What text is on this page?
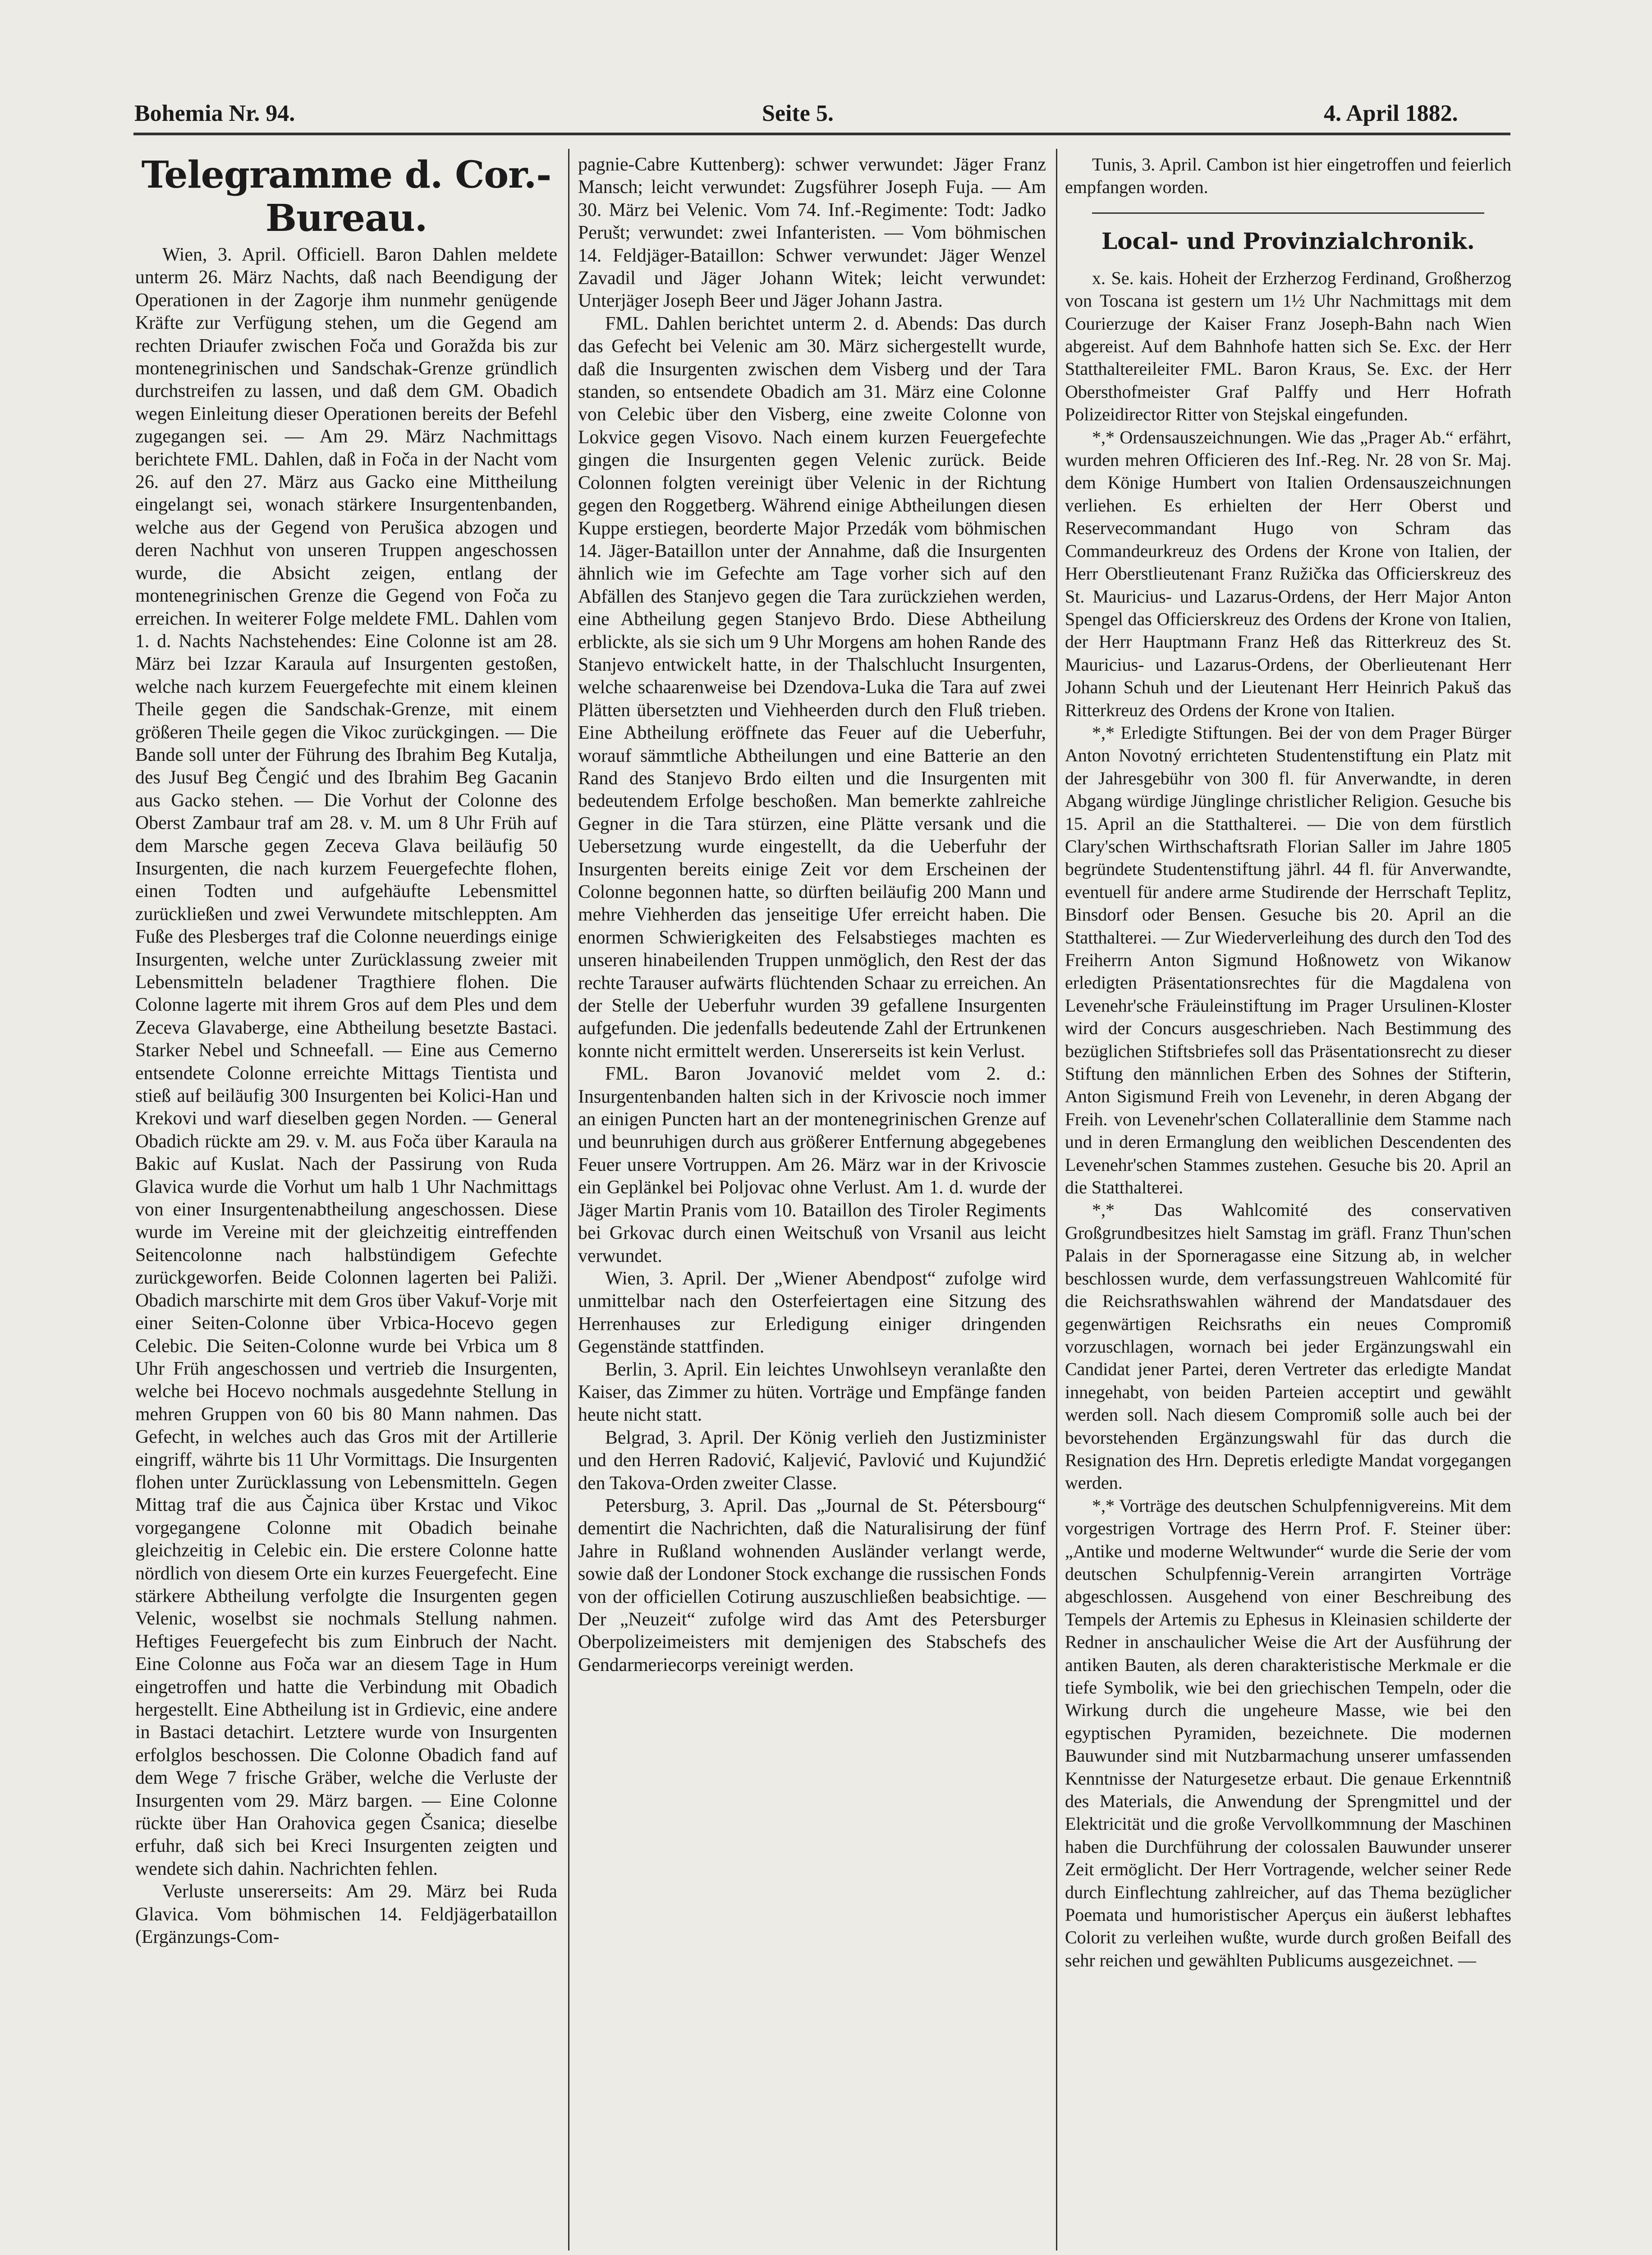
Bohemia Nr. 94.	Seite 5.	4. April 1882.
Telegramme d. Cor.-Bureau.

Wien, 3. April. Officiell. Baron Dahlen meldete unterm 26. März Nachts, daß nach Beendigung der Operationen in der Zagorje ihm nunmehr genügende Kräfte zur Verfügung stehen, um die Gegend am rechten Driaufer zwischen Foča und Goražda bis zur montenegrinischen und Sandschak-Grenze gründlich durchstreifen zu lassen, und daß dem GM. Obadich wegen Einleitung dieser Operationen bereits der Befehl zugegangen sei. — Am 29. März Nachmittags berichtete FML. Dahlen, daß in Foča in der Nacht vom 26. auf den 27. März aus Gacko eine Mittheilung eingelangt sei, wonach stärkere Insurgentenbanden, welche aus der Gegend von Perušica abzogen und deren Nachhut von unseren Truppen angeschossen wurde, die Absicht zeigen, entlang der montenegrinischen Grenze die Gegend von Foča zu erreichen. In weiterer Folge meldete FML. Dahlen vom 1. d. Nachts Nachstehendes: Eine Colonne ist am 28. März bei Izzar Karaula auf Insurgenten gestoßen, welche nach kurzem Feuergefechte mit einem kleinen Theile gegen die Sandschak-Grenze, mit einem größeren Theile gegen die Vikoc zurückgingen. — Die Bande soll unter der Führung des Ibrahim Beg Kutalja, des Jusuf Beg Čengić und des Ibrahim Beg Gacanin aus Gacko stehen. — Die Vorhut der Colonne des Oberst Zambaur traf am 28. v. M. um 8 Uhr Früh auf dem Marsche gegen Zeceva Glava beiläufig 50 Insurgenten, die nach kurzem Feuergefechte flohen, einen Todten und aufgehäufte Lebensmittel zurückließen und zwei Verwundete mitschleppten. Am Fuße des Plesberges traf die Colonne neuerdings einige Insurgenten, welche unter Zurücklassung zweier mit Lebensmitteln beladener Tragthiere flohen. Die Colonne lagerte mit ihrem Gros auf dem Ples und dem Zeceva Glavaberge, eine Abtheilung besetzte Bastaci. Starker Nebel und Schneefall. — Eine aus Cemerno entsendete Colonne erreichte Mittags Tientista und stieß auf beiläufig 300 Insurgenten bei Kolici-Han und Krekovi und warf dieselben gegen Norden. — General Obadich rückte am 29. v. M. aus Foča über Karaula na Bakic auf Kuslat. Nach der Passirung von Ruda Glavica wurde die Vorhut um halb 1 Uhr Nachmittags von einer Insurgentenabtheilung angeschossen. Diese wurde im Vereine mit der gleichzeitig eintreffenden Seitencolonne nach halbstündigem Gefechte zurückgeworfen. Beide Colonnen lagerten bei Paliži. Obadich marschirte mit dem Gros über Vakuf-Vorje mit einer Seiten-Colonne über Vrbica-Hocevo gegen Celebic. Die Seiten-Colonne wurde bei Vrbica um 8 Uhr Früh angeschossen und vertrieb die Insurgenten, welche bei Hocevo nochmals ausgedehnte Stellung in mehren Gruppen von 60 bis 80 Mann nahmen. Das Gefecht, in welches auch das Gros mit der Artillerie eingriff, währte bis 11 Uhr Vormittags. Die Insurgenten flohen unter Zurücklassung von Lebensmitteln. Gegen Mittag traf die aus Čajnica über Krstac und Vikoc vorgegangene Colonne mit Obadich beinahe gleichzeitig in Celebic ein. Die erstere Colonne hatte nördlich von diesem Orte ein kurzes Feuergefecht. Eine stärkere Abtheilung verfolgte die Insurgenten gegen Velenic, woselbst sie nochmals Stellung nahmen. Heftiges Feuergefecht bis zum Einbruch der Nacht. Eine Colonne aus Foča war an diesem Tage in Hum eingetroffen und hatte die Verbindung mit Obadich hergestellt. Eine Abtheilung ist in Grdievic, eine andere in Bastaci detachirt. Letztere wurde von Insurgenten erfolglos beschossen. Die Colonne Obadich fand auf dem Wege 7 frische Gräber, welche die Verluste der Insurgenten vom 29. März bargen. — Eine Colonne rückte über Han Orahovica gegen Čsanica; dieselbe erfuhr, daß sich bei Kreci Insurgenten zeigten und wendete sich dahin. Nachrichten fehlen.

Verluste unsererseits: Am 29. März bei Ruda Glavica. Vom böhmischen 14. Feldjägerbataillon (Ergänzungs-Com-

pagnie-Cabre Kuttenberg): schwer verwundet: Jäger Franz Mansch; leicht verwundet: Zugsführer Joseph Fuja. — Am 30. März bei Velenic. Vom 74. Inf.-Regimente: Todt: Jadko Perušt; verwundet: zwei Infanteristen. — Vom böhmischen 14. Feldjäger-Bataillon: Schwer verwundet: Jäger Wenzel Zavadil und Jäger Johann Witek; leicht verwundet: Unterjäger Joseph Beer und Jäger Johann Jastra.

FML. Dahlen berichtet unterm 2. d. Abends: Das durch das Gefecht bei Velenic am 30. März sichergestellt wurde, daß die Insurgenten zwischen dem Visberg und der Tara standen, so entsendete Obadich am 31. März eine Colonne von Celebic über den Visberg, eine zweite Colonne von Lokvice gegen Visovo. Nach einem kurzen Feuergefechte gingen die Insurgenten gegen Velenic zurück. Beide Colonnen folgten vereinigt über Velenic in der Richtung gegen den Roggetberg. Während einige Abtheilungen diesen Kuppe erstiegen, beorderte Major Przedák vom böhmischen 14. Jäger-Bataillon unter der Annahme, daß die Insurgenten ähnlich wie im Gefechte am Tage vorher sich auf den Abfällen des Stanjevo gegen die Tara zurückziehen werden, eine Abtheilung gegen Stanjevo Brdo. Diese Abtheilung erblickte, als sie sich um 9 Uhr Morgens am hohen Rande des Stanjevo entwickelt hatte, in der Thalschlucht Insurgenten, welche schaarenweise bei Dzendova-Luka die Tara auf zwei Plätten übersetzten und Viehheerden durch den Fluß trieben. Eine Abtheilung eröffnete das Feuer auf die Ueberfuhr, worauf sämmtliche Abtheilungen und eine Batterie an den Rand des Stanjevo Brdo eilten und die Insurgenten mit bedeutendem Erfolge beschoßen. Man bemerkte zahlreiche Gegner in die Tara stürzen, eine Plätte versank und die Uebersetzung wurde eingestellt, da die Ueberfuhr der Insurgenten bereits einige Zeit vor dem Erscheinen der Colonne begonnen hatte, so dürften beiläufig 200 Mann und mehre Viehherden das jenseitige Ufer erreicht haben. Die enormen Schwierigkeiten des Felsabstieges machten es unseren hinabeilenden Truppen unmöglich, den Rest der das rechte Tarauser aufwärts flüchtenden Schaar zu erreichen. An der Stelle der Ueberfuhr wurden 39 gefallene Insurgenten aufgefunden. Die jedenfalls bedeutende Zahl der Ertrunkenen konnte nicht ermittelt werden. Unsererseits ist kein Verlust.

FML. Baron Jovanović meldet vom 2. d.: Insurgentenbanden halten sich in der Krivoscie noch immer an einigen Puncten hart an der montenegrinischen Grenze auf und beunruhigen durch aus größerer Entfernung abgegebenes Feuer unsere Vortruppen. Am 26. März war in der Krivoscie ein Geplänkel bei Poljovac ohne Verlust. Am 1. d. wurde der Jäger Martin Pranis vom 10. Bataillon des Tiroler Regiments bei Grkovac durch einen Weitschuß von Vrsanil aus leicht verwundet.

Wien, 3. April. Der „Wiener Abendpost“ zufolge wird unmittelbar nach den Osterfeiertagen eine Sitzung des Herrenhauses zur Erledigung einiger dringenden Gegenstände stattfinden.

Berlin, 3. April. Ein leichtes Unwohlseyn veranlaßte den Kaiser, das Zimmer zu hüten. Vorträge und Empfänge fanden heute nicht statt.

Belgrad, 3. April. Der König verlieh den Justizminister und den Herren Radović, Kaljević, Pavlović und Kujundžić den Takova-Orden zweiter Classe.

Petersburg, 3. April. Das „Journal de St. Pétersbourg“ dementirt die Nachrichten, daß die Naturalisirung der fünf Jahre in Rußland wohnenden Ausländer verlangt werde, sowie daß der Londoner Stock exchange die russischen Fonds von der officiellen Cotirung auszuschließen beabsichtige. — Der „Neuzeit“ zufolge wird das Amt des Petersburger Oberpolizeimeisters mit demjenigen des Stabschefs des Gendarmeriecorps vereinigt werden.

Tunis, 3. April. Cambon ist hier eingetroffen und feierlich empfangen worden.

Local- und Provinzialchronik.

x. Se. kais. Hoheit der Erzherzog Ferdinand, Großherzog von Toscana ist gestern um 1½ Uhr Nachmittags mit dem Courierzuge der Kaiser Franz Joseph-Bahn nach Wien abgereist. Auf dem Bahnhofe hatten sich Se. Exc. der Herr Statthaltereileiter FML. Baron Kraus, Se. Exc. der Herr Obersthofmeister Graf Palffy und Herr Hofrath Polizeidirector Ritter von Stejskal eingefunden.

*,* Ordensauszeichnungen. Wie das „Prager Ab.“ erfährt, wurden mehren Officieren des Inf.-Reg. Nr. 28 von Sr. Maj. dem Könige Humbert von Italien Ordensauszeichnungen verliehen. Es erhielten der Herr Oberst und Reservecommandant Hugo von Schram das Commandeurkreuz des Ordens der Krone von Italien, der Herr Oberstlieutenant Franz Ružička das Officierskreuz des St. Mauricius- und Lazarus-Ordens, der Herr Major Anton Spengel das Officierskreuz des Ordens der Krone von Italien, der Herr Hauptmann Franz Heß das Ritterkreuz des St. Mauricius- und Lazarus-Ordens, der Oberlieutenant Herr Johann Schuh und der Lieutenant Herr Heinrich Pakuš das Ritterkreuz des Ordens der Krone von Italien.

*,* Erledigte Stiftungen. Bei der von dem Prager Bürger Anton Novotný errichteten Studentenstiftung ein Platz mit der Jahresgebühr von 300 fl. für Anverwandte, in deren Abgang würdige Jünglinge christlicher Religion. Gesuche bis 15. April an die Statthalterei. — Die von dem fürstlich Clary'schen Wirthschaftsrath Florian Saller im Jahre 1805 begründete Studentenstiftung jährl. 44 fl. für Anverwandte, eventuell für andere arme Studirende der Herrschaft Teplitz, Binsdorf oder Bensen. Gesuche bis 20. April an die Statthalterei. — Zur Wiederverleihung des durch den Tod des Freiherrn Anton Sigmund Hoßnowetz von Wikanow erledigten Präsentationsrechtes für die Magdalena von Levenehr'sche Fräuleinstiftung im Prager Ursulinen-Kloster wird der Concurs ausgeschrieben. Nach Bestimmung des bezüglichen Stiftsbriefes soll das Präsentationsrecht zu dieser Stiftung den männlichen Erben des Sohnes der Stifterin, Anton Sigismund Freih von Levenehr, in deren Abgang der Freih. von Levenehr'schen Collaterallinie dem Stamme nach und in deren Ermanglung den weiblichen Descendenten des Levenehr'schen Stammes zustehen. Gesuche bis 20. April an die Statthalterei.

*,* Das Wahlcomité des conservativen Großgrundbesitzes hielt Samstag im gräfl. Franz Thun'schen Palais in der Sporneragasse eine Sitzung ab, in welcher beschlossen wurde, dem verfassungstreuen Wahlcomité für die Reichsrathswahlen während der Mandatsdauer des gegenwärtigen Reichsraths ein neues Compromiß vorzuschlagen, wornach bei jeder Ergänzungswahl ein Candidat jener Partei, deren Vertreter das erledigte Mandat innegehabt, von beiden Parteien acceptirt und gewählt werden soll. Nach diesem Compromiß solle auch bei der bevorstehenden Ergänzungswahl für das durch die Resignation des Hrn. Depretis erledigte Mandat vorgegangen werden.

*,* Vorträge des deutschen Schulpfennigvereins. Mit dem vorgestrigen Vortrage des Herrn Prof. F. Steiner über: „Antike und moderne Weltwunder“ wurde die Serie der vom deutschen Schulpfennig-Verein arrangirten Vorträge abgeschlossen. Ausgehend von einer Beschreibung des Tempels der Artemis zu Ephesus in Kleinasien schilderte der Redner in anschaulicher Weise die Art der Ausführung der antiken Bauten, als deren charakteristische Merkmale er die tiefe Symbolik, wie bei den griechischen Tempeln, oder die Wirkung durch die ungeheure Masse, wie bei den egyptischen Pyramiden, bezeichnete. Die modernen Bauwunder sind mit Nutzbarmachung unserer umfassenden Kenntnisse der Naturgesetze erbaut. Die genaue Erkenntniß des Materials, die Anwendung der Sprengmittel und der Elektricität und die große Vervollkommnung der Maschinen haben die Durchführung der colossalen Bauwunder unserer Zeit ermöglicht. Der Herr Vortragende, welcher seiner Rede durch Einflechtung zahlreicher, auf das Thema bezüglicher Poemata und humoristischer Aperçus ein äußerst lebhaftes Colorit zu verleihen wußte, wurde durch großen Beifall des sehr reichen und gewählten Publicums ausgezeichnet. —
